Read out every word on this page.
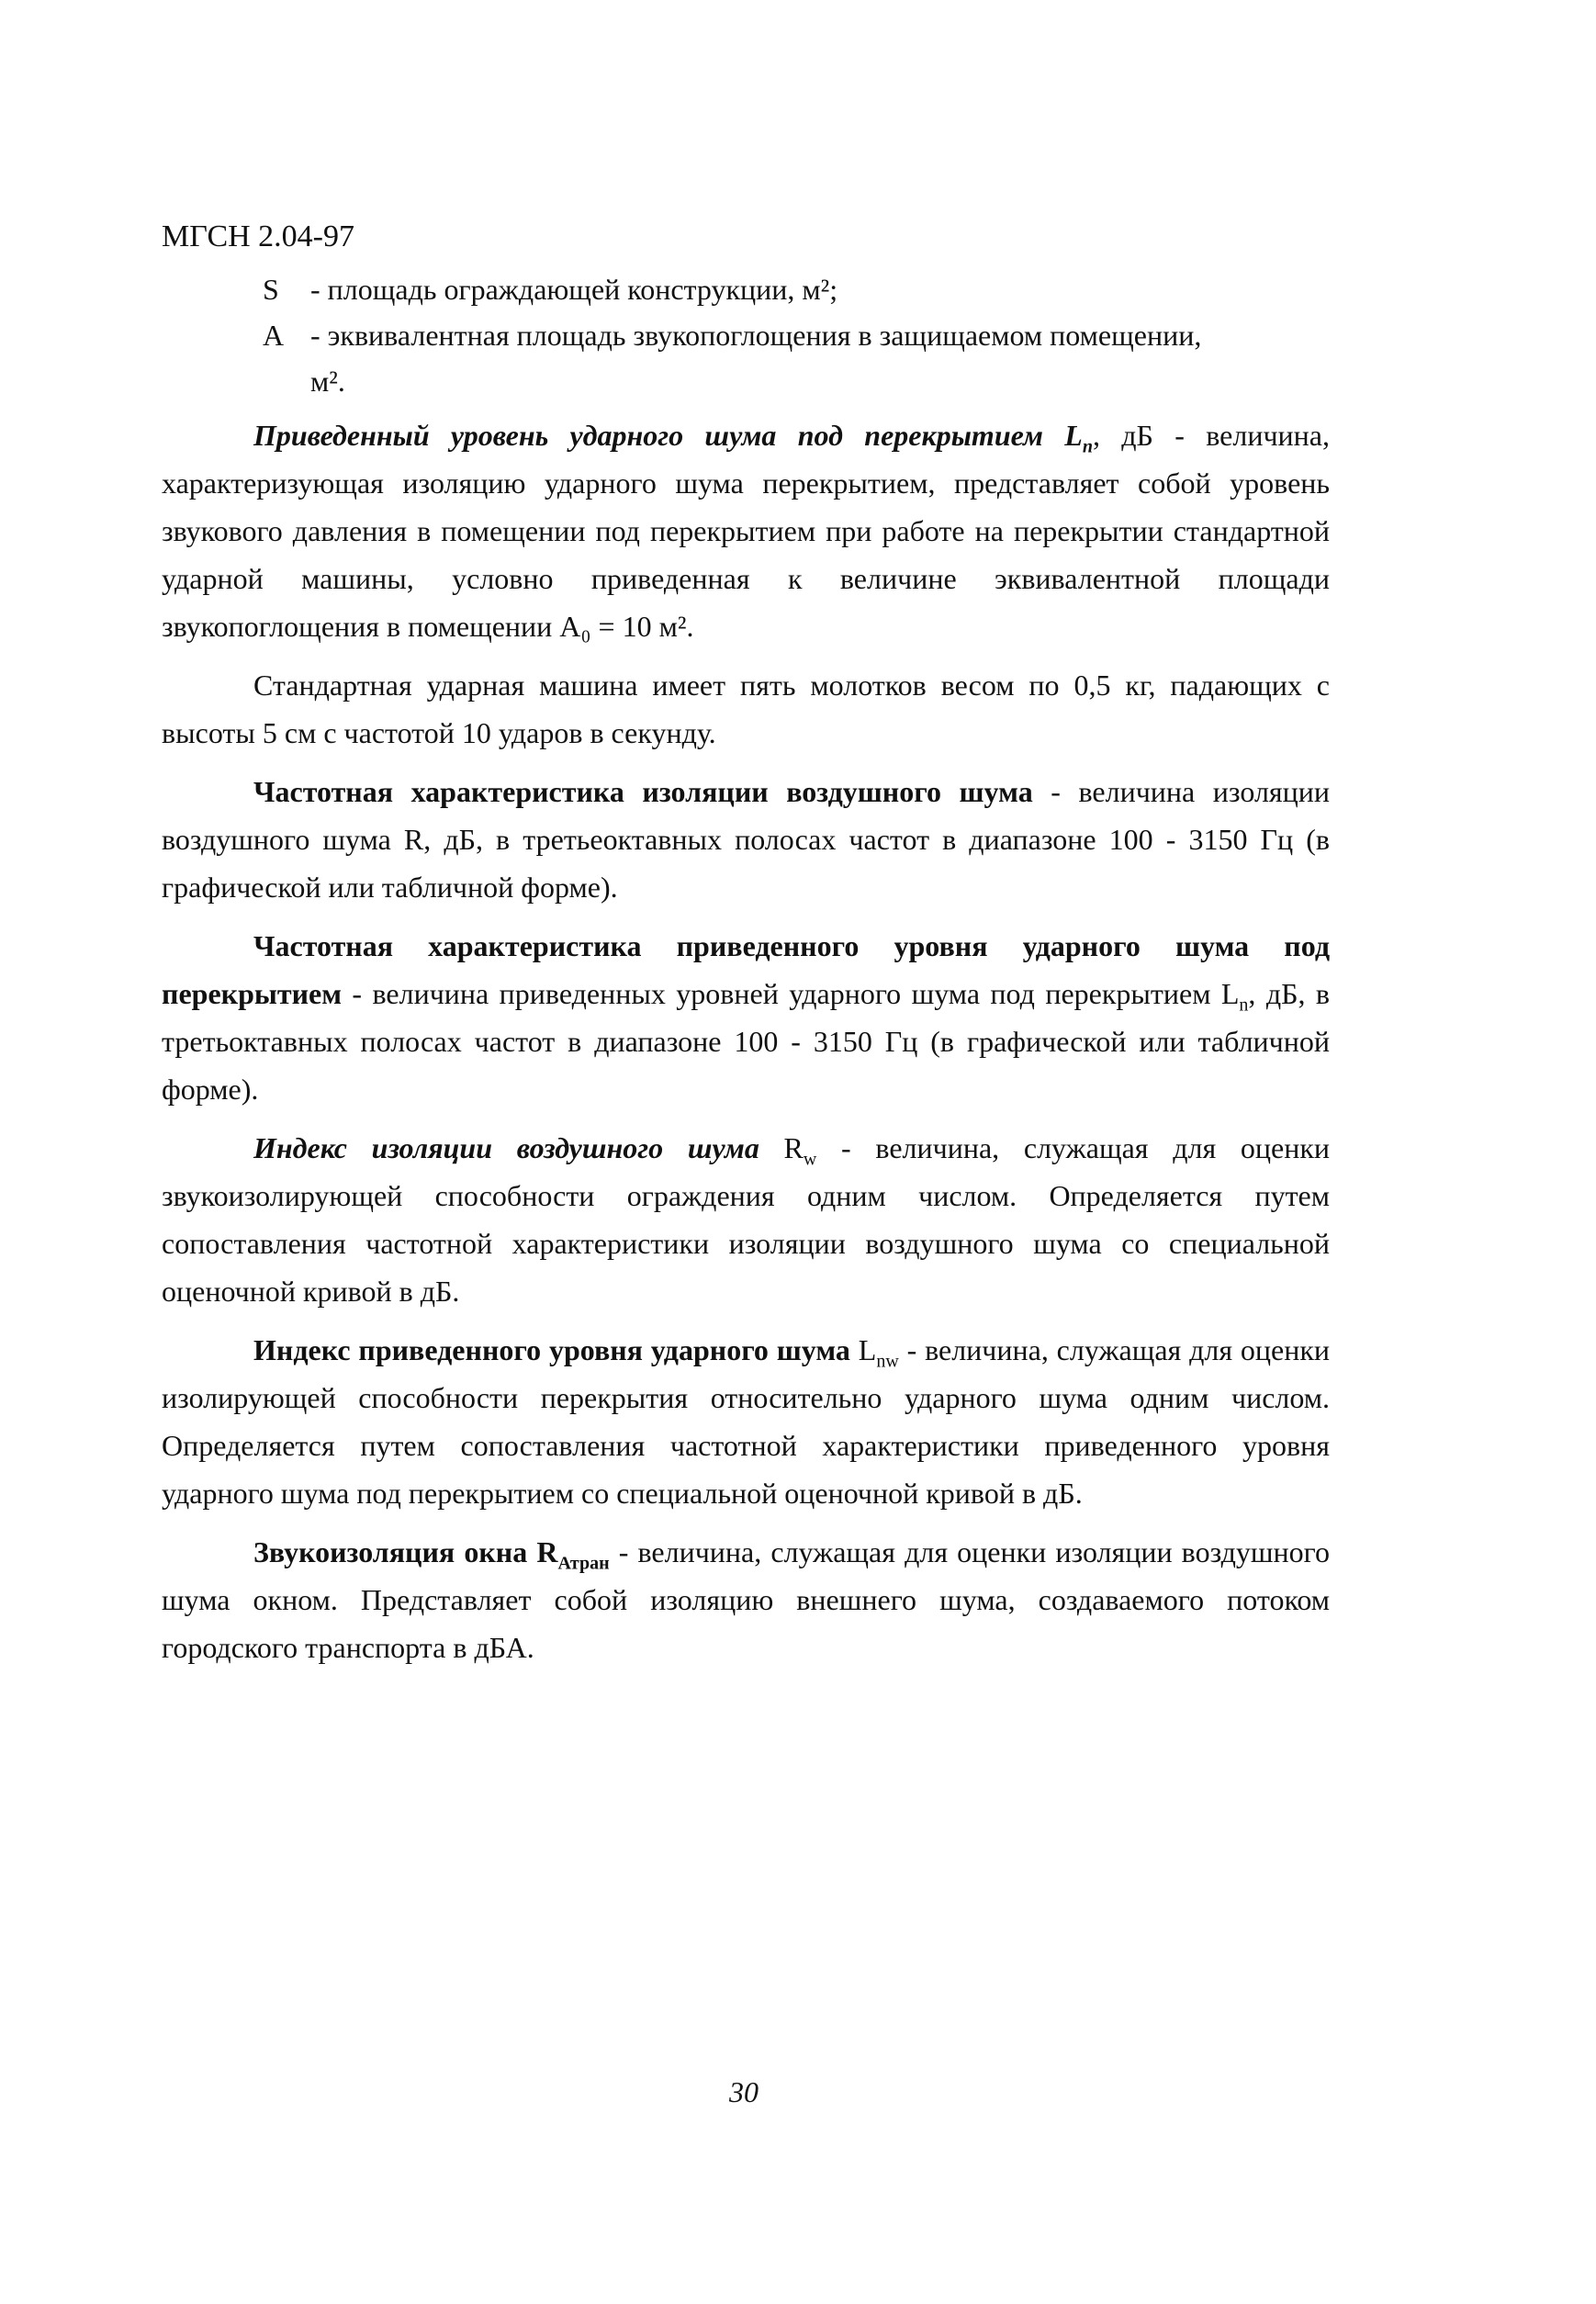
МГСН 2.04-97
S	- площадь ограждающей конструкции, м²;
A - эквивалентная площадь звукопоглощения в защищаемом помещении,
м².

Приведенный уровень ударного шума под перекрытием $L_n$, дБ - величина, характеризующая изоляцию ударного шума перекрытием, представляет собой уровень звукового давления в помещении под перекрытием при работе на перекрытии стандартной ударной машины, условно приведенная к величине эквивалентной площади звукопоглощения в помещении A₀ = 10 м².

Стандартная ударная машина имеет пять молотков весом по 0,5 кг, падающих с высоты 5 см с частотой 10 ударов в секунду.

Частотная характеристика изоляции воздушного шума - величина изоляции воздушного шума R, дБ, в третьеоктавных полосах частот в диапазоне 100 - 3150 Гц (в графической или табличной форме).

Частотная характеристика приведенного уровня ударного шума под перекрытием - величина приведенных уровней ударного шума под перекрытием $L_n$, дБ, в третьоктавных полосах частот в диапазоне 100 - 3150 Гц (в графической или табличной форме).

Индекс изоляции воздушного шума $R_w$ - величина, служащая для оценки звукоизолирующей способности ограждения одним числом. Определяется путем сопоставления частотной характеристики изоляции воздушного шума со специальной оценочной кривой в дБ.

Индекс приведенного уровня ударного шума $L_{nw}$ - величина, служащая для оценки изолирующей способности перекрытия относительно ударного шума одним числом. Определяется путем сопоставления частотной характеристики приведенного уровня ударного шума под перекрытием со специальной оценочной кривой в дБ.

Звукоизоляция окна $R_{Атран}$ - величина, служащая для оценки изоляции воздушного шума окном. Представляет собой изоляцию внешнего шума, создаваемого потоком городского транспорта в дБА.

30
